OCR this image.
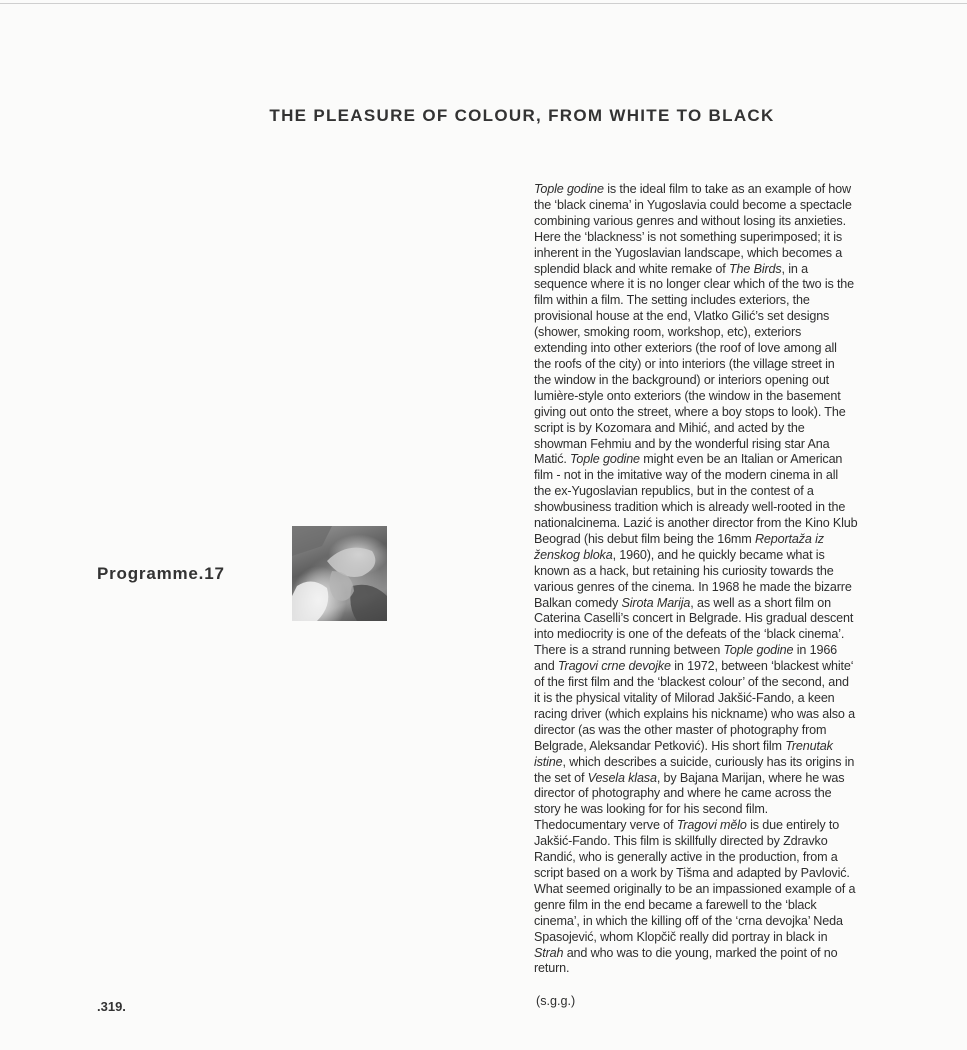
THE PLEASURE OF COLOUR, FROM WHITE TO BLACK
Programme.17
Tople godine is the ideal film to take as an example of how
the ‘black cinema’ in Yugoslavia could become a spectacle
combining various genres and without losing its anxieties.
Here the ‘blackness’ is not something superimposed; it is
inherent in the Yugoslavian landscape, which becomes a
splendid black and white remake of The Birds, in a
sequence where it is no longer clear which of the two is the
film within a film. The setting includes exteriors, the
provisional house at the end, Vlatko Gilić’s set designs
(shower, smoking room, workshop, etc), exteriors
extending into other exteriors (the roof of love among all
the roofs of the city) or into interiors (the village street in
the window in the background) or interiors opening out
lumière-style onto exteriors (the window in the basement
giving out onto the street, where a boy stops to look). The
script is by Kozomara and Mihić, and acted by the
showman Fehmiu and by the wonderful rising star Ana
Matić. Tople godine might even be an Italian or American
film - not in the imitative way of the modern cinema in all
the ex-Yugoslavian republics, but in the contest of a
showbusiness tradition which is already well-rooted in the
nationalcinema. Lazić is another director from the Kino Klub
Beograd (his debut film being the 16mm Reportaža iz
ženskog bloka, 1960), and he quickly became what is
known as a hack, but retaining his curiosity towards the
various genres of the cinema. In 1968 he made the bizarre
Balkan comedy Sirota Marija, as well as a short film on
Caterina Caselli’s concert in Belgrade. His gradual descent
into mediocrity is one of the defeats of the ‘black cinema’.
There is a strand running between Tople godine in 1966
and Tragovi crne devojke in 1972, between ‘blackest white‘
of the first film and the ‘blackest colour’ of the second, and
it is the physical vitality of Milorad Jakšić-Fando, a keen
racing driver (which explains his nickname) who was also a
director (as was the other master of photography from
Belgrade, Aleksandar Petković). His short film Trenutak
istine, which describes a suicide, curiously has its origins in
the set of Vesela klasa, by Bajana Marijan, where he was
director of photography and where he came across the
story he was looking for for his second film.
Thedocumentary verve of Tragovi mělo is due entirely to
Jakšić-Fando. This film is skillfully directed by Zdravko
Randić, who is generally active in the production, from a
script based on a work by Tišma and adapted by Pavlović.
What seemed originally to be an impassioned example of a
genre film in the end became a farewell to the ‘black
cinema’, in which the killing off of the ‘crna devojka’ Neda
Spasojević, whom Klopčič really did portray in black in
Strah and who was to die young, marked the point of no
return.
(s.g.g.)
.319.
